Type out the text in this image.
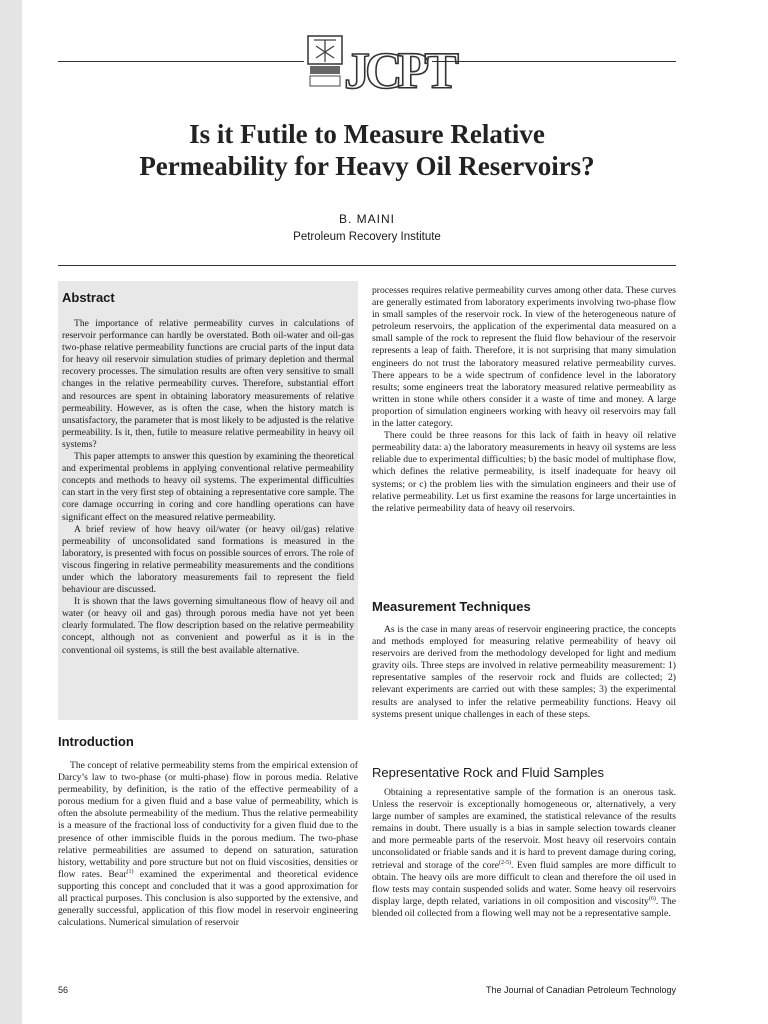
JCPT
Is it Futile to Measure Relative
Permeability for Heavy Oil Reservoirs?
B. MAINI
Petroleum Recovery Institute
Abstract

The importance of relative permeability curves in calculations of reservoir performance can hardly be overstated. Both oil-water and oil-gas two-phase relative permeability functions are crucial parts of the input data for heavy oil reservoir simulation studies of primary depletion and thermal recovery processes. The simulation results are often very sensitive to small changes in the relative permeability curves. Therefore, substantial effort and resources are spent in obtaining laboratory measurements of relative permeability. However, as is often the case, when the history match is unsatisfactory, the parameter that is most likely to be adjusted is the relative permeability. Is it, then, futile to measure relative permeability in heavy oil systems?

This paper attempts to answer this question by examining the theoretical and experimental problems in applying conventional relative permeability concepts and methods to heavy oil systems. The experimental difficulties can start in the very first step of obtaining a representative core sample. The core damage occurring in coring and core handling operations can have significant effect on the measured relative permeability.

A brief review of how heavy oil/water (or heavy oil/gas) relative permeability of unconsolidated sand formations is measured in the laboratory, is presented with focus on possible sources of errors. The role of viscous fingering in relative permeability measurements and the conditions under which the laboratory measurements fail to represent the field behaviour are discussed.

It is shown that the laws governing simultaneous flow of heavy oil and water (or heavy oil and gas) through porous media have not yet been clearly formulated. The flow description based on the relative permeability concept, although not as convenient and powerful as it is in the conventional oil systems, is still the best available alternative.

Introduction

The concept of relative permeability stems from the empirical extension of Darcy’s law to two-phase (or multi-phase) flow in porous media. Relative permeability, by definition, is the ratio of the effective permeability of a porous medium for a given fluid and a base value of permeability, which is often the absolute permeability of the medium. Thus the relative permeability is a measure of the fractional loss of conductivity for a given fluid due to the presence of other immiscible fluids in the porous medium. The two-phase relative permeabilities are assumed to depend on saturation, saturation history, wettability and pore structure but not on fluid viscosities, densities or flow rates. Bear$^{(1)}$ examined the experimental and theoretical evidence supporting this concept and concluded that it was a good approximation for all practical purposes. This conclusion is also supported by the extensive, and generally successful, application of this flow model in reservoir engineering calculations. Numerical simulation of reservoir

processes requires relative permeability curves among other data. These curves are generally estimated from laboratory experiments involving two-phase flow in small samples of the reservoir rock. In view of the heterogeneous nature of petroleum reservoirs, the application of the experimental data measured on a small sample of the rock to represent the fluid flow behaviour of the reservoir represents a leap of faith. Therefore, it is not surprising that many simulation engineers do not trust the laboratory measured relative permeability curves. There appears to be a wide spectrum of confidence level in the laboratory results; some engineers treat the laboratory measured relative permeability as written in stone while others consider it a waste of time and money. A large proportion of simulation engineers working with heavy oil reservoirs may fall in the latter category.

There could be three reasons for this lack of faith in heavy oil relative permeability data: a) the laboratory measurements in heavy oil systems are less reliable due to experimental difficulties; b) the basic model of multiphase flow, which defines the relative permeability, is itself inadequate for heavy oil systems; or c) the problem lies with the simulation engineers and their use of relative permeability. Let us first examine the reasons for large uncertainties in the relative permeability data of heavy oil reservoirs.

Measurement Techniques

As is the case in many areas of reservoir engineering practice, the concepts and methods employed for measuring relative permeability of heavy oil reservoirs are derived from the methodology developed for light and medium gravity oils. Three steps are involved in relative permeability measurement: 1) representative samples of the reservoir rock and fluids are collected; 2) relevant experiments are carried out with these samples; 3) the experimental results are analysed to infer the relative permeability functions. Heavy oil systems present unique challenges in each of these steps.

Representative Rock and Fluid Samples

Obtaining a representative sample of the formation is an onerous task. Unless the reservoir is exceptionally homogeneous or, alternatively, a very large number of samples are examined, the statistical relevance of the results remains in doubt. There usually is a bias in sample selection towards cleaner and more permeable parts of the reservoir. Most heavy oil reservoirs contain unconsolidated or friable sands and it is hard to prevent damage during coring, retrieval and storage of the core$^{(2-5)}$. Even fluid samples are more difficult to obtain. The heavy oils are more difficult to clean and therefore the oil used in flow tests may contain suspended solids and water. Some heavy oil reservoirs display large, depth related, variations in oil composition and viscosity$^{(6)}$. The blended oil collected from a flowing well may not be a representative sample.

56	The Journal of Canadian Petroleum Technology
